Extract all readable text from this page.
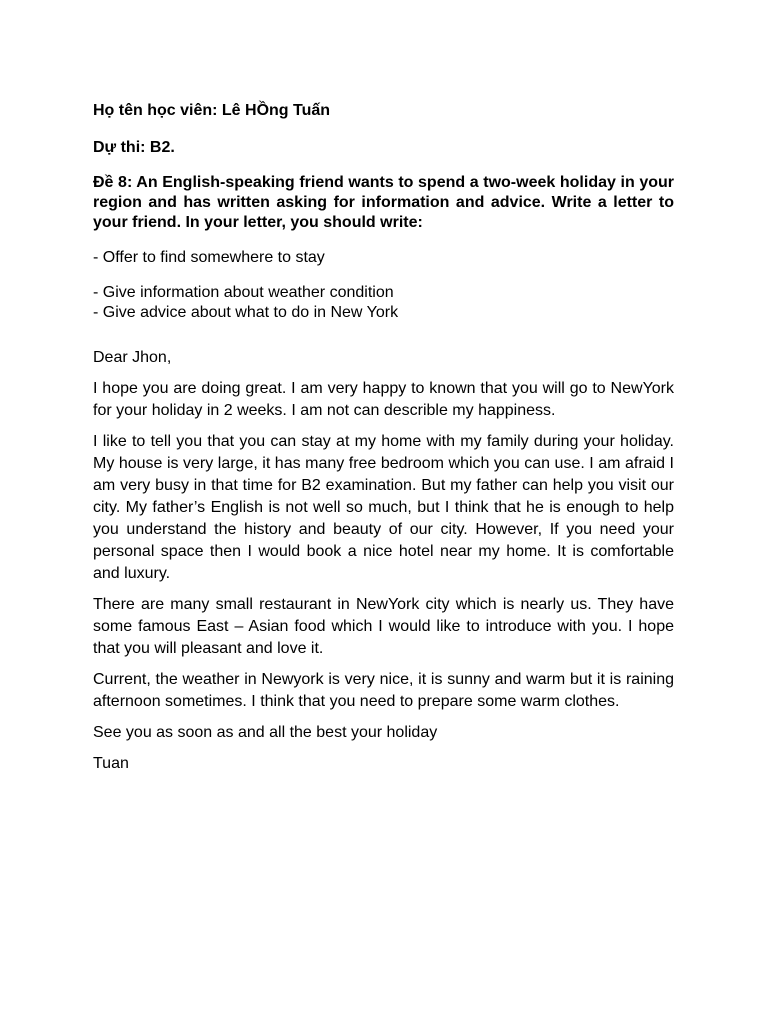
Họ tên học viên: Lê HỒng Tuấn

Dự thi: B2.

Đề 8: An English-speaking friend wants to spend a two-week holiday in your region and has written asking for information and advice. Write a letter to your friend. In your letter, you should write:

- Offer to find somewhere to stay

- Give information about weather condition

- Give advice about what to do in New York

Dear Jhon,

I hope you are doing great. I am very happy to known that you will go to NewYork for your holiday in 2 weeks. I am not can describle my happiness.

I like to tell you that you can stay at my home with my family during your holiday. My house is very large, it has many free bedroom which you can use. I am afraid I am very busy in that time for B2 examination. But my father can help you visit our city. My father’s English is not well so much, but I think that he is enough to help you understand the history and beauty of our city. However, If you need your personal space then I would book a nice hotel near my home. It is comfortable and luxury.

There are many small restaurant in NewYork city which is nearly us. They have some famous East – Asian food which I would like to introduce with you. I hope that you will pleasant and love it.

Current, the weather in Newyork is very nice, it is sunny and warm but it is raining afternoon sometimes. I think that you need to prepare some warm clothes.

See you as soon as and all the best your holiday

Tuan
